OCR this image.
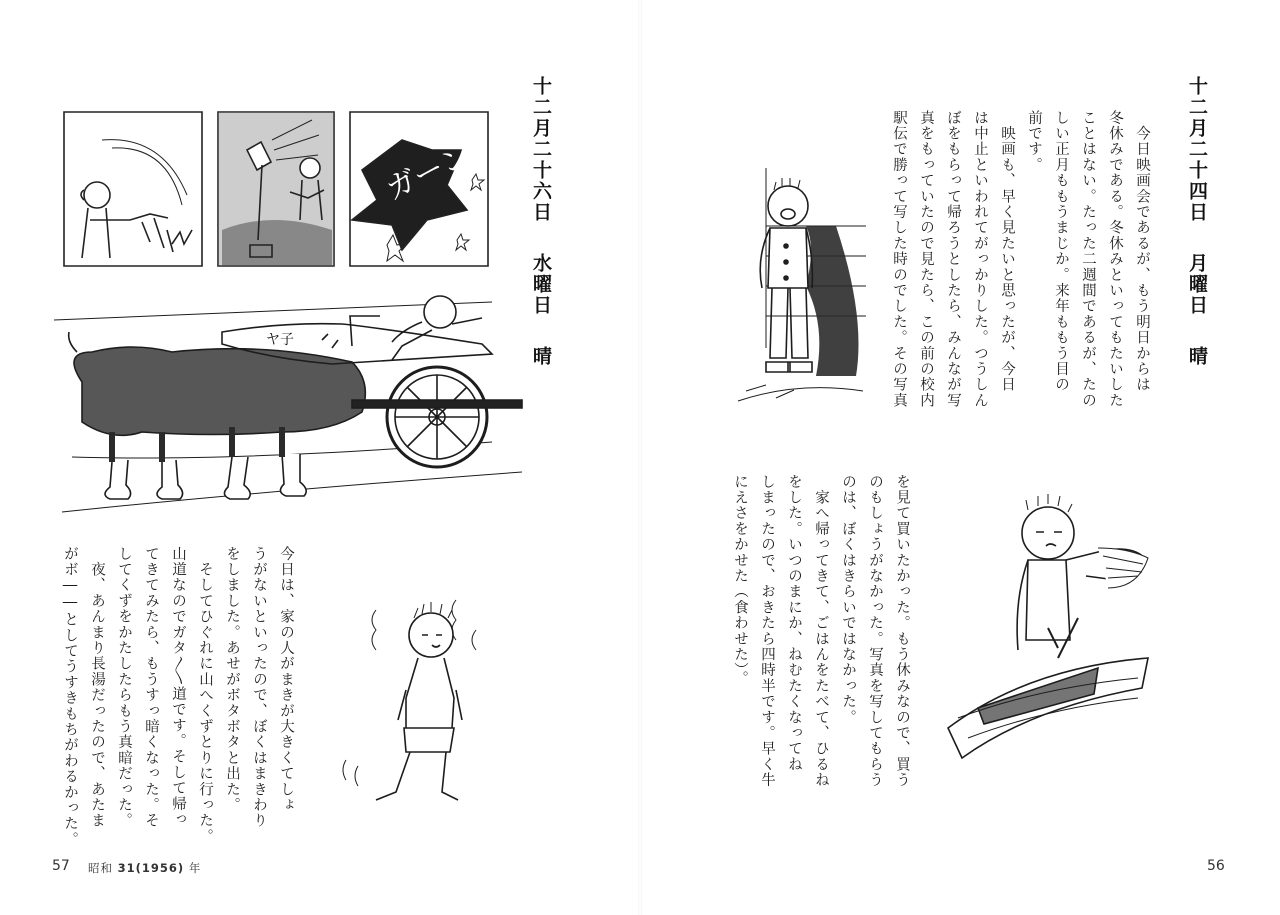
十二月二十六日水曜日晴
ガーン
ヤ子
今日は、家の人がまきが大きくてしょ
うがないといったので、ぼくはまきわり
をしました。あせがボタボタと出た。
　そしてひぐれに山へくずとりに行った。
山道なのでガタ〳〵道です。そして帰っ
てきてみたら、もうすっ暗くなった。そ
してくずをかたしたらもう真暗だった。
　夜、あんまり長湯だったので、あたま
がボ――としてうすきもちがわるかった。
57 昭和 31(1956) 年
十二月二十四日月曜日晴
　今日映画会であるが、もう明日からは
冬休みである。冬休みといってもたいした
ことはない。たった二週間であるが、たの
しい正月ももうまじか。来年ももう目の
前です。
　映画も、早く見たいと思ったが、今日
は中止といわれてがっかりした。つうしん
ぼをもらって帰ろうとしたら、みんなが写
真をもっていたので見たら、この前の校内
駅伝で勝って写した時のでした。その写真
を見て買いたかった。もう休みなので、買う
のもしょうがなかった。写真を写してもらう
のは、ぼくはきらいではなかった。
　家へ帰ってきて、ごはんをたべて、ひるね
をした。いつのまにか、ねむたくなってね
しまったので、おきたら四時半です。早く牛
にえさをかせた（食わせた）。
56
